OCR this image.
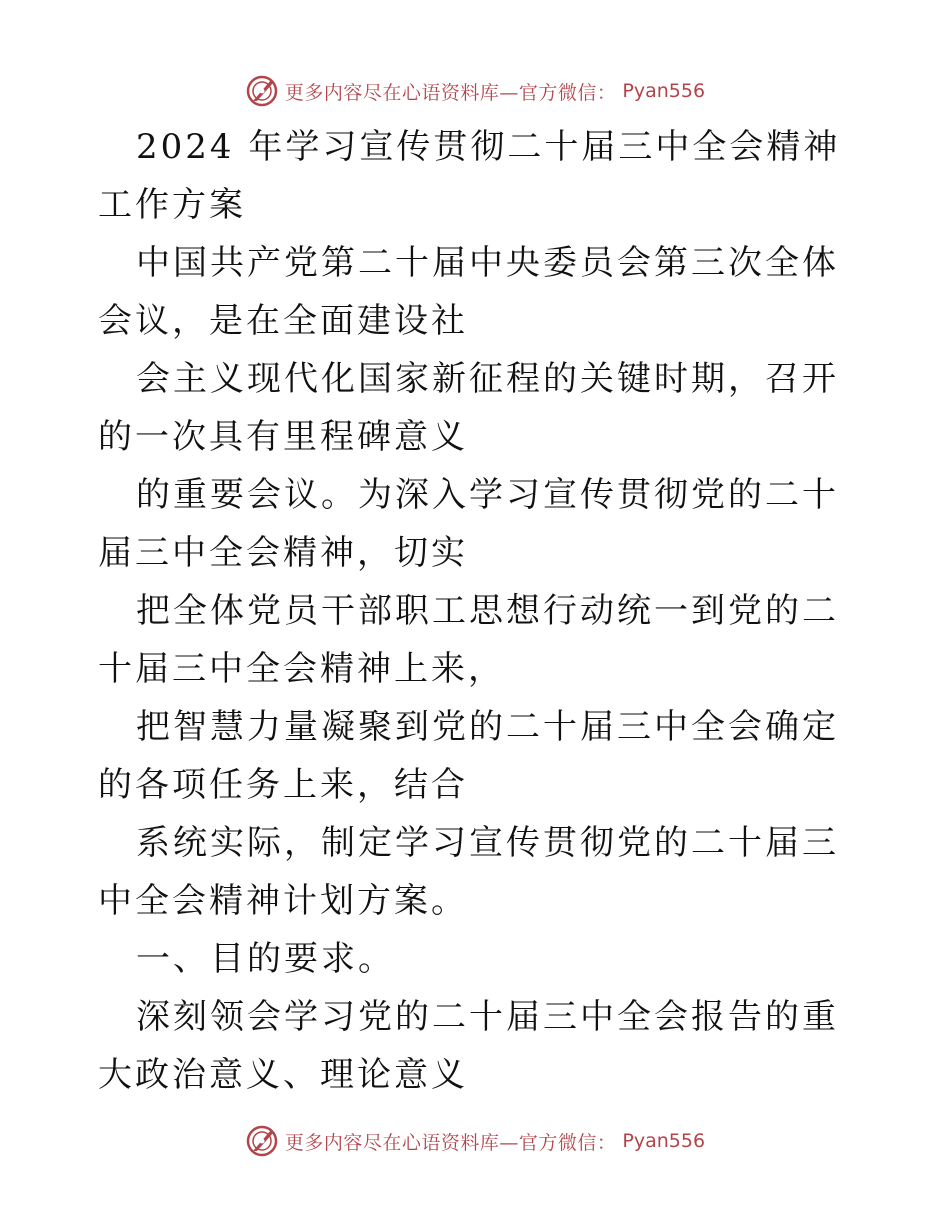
更多内容尽在心语资料库—官方微信： Pyan556

2024 年学习宣传贯彻二十届三中全会精神工作方案

中国共产党第二十届中央委员会第三次全体会议，是在全面建设社

会主义现代化国家新征程的关键时期，召开的一次具有里程碑意义

的重要会议。为深入学习宣传贯彻党的二十届三中全会精神，切实

把全体党员干部职工思想行动统一到党的二十届三中全会精神上来，

把智慧力量凝聚到党的二十届三中全会确定的各项任务上来，结合

系统实际，制定学习宣传贯彻党的二十届三中全会精神计划方案。

一、目的要求。

深刻领会学习党的二十届三中全会报告的重大政治意义、理论意义

更多内容尽在心语资料库—官方微信： Pyan556
